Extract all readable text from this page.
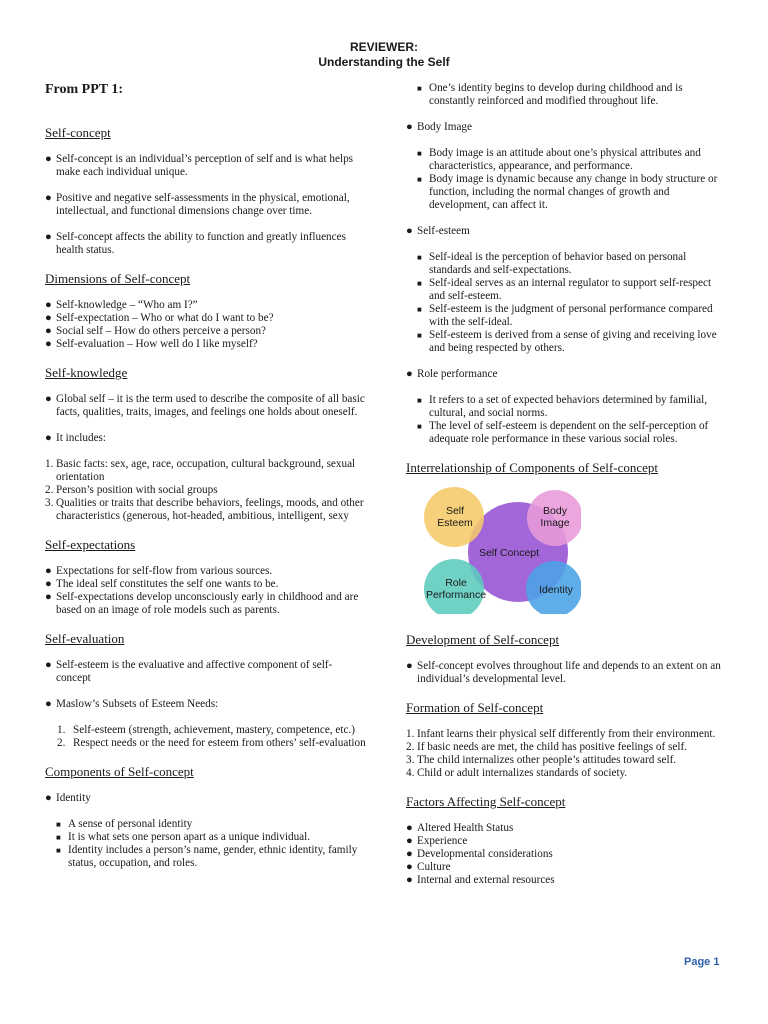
REVIEWER:
Understanding the Self
From PPT 1:
Self-concept
● Self-concept is an individual’s perception of self and is what helps make each individual unique.
● Positive and negative self-assessments in the physical, emotional, intellectual, and functional dimensions change over time.
● Self-concept affects the ability to function and greatly influences health status.
Dimensions of Self-concept
● Self-knowledge – “Who am I?”
● Self-expectation – Who or what do I want to be?
● Social self – How do others perceive a person?
● Self-evaluation – How well do I like myself?
Self-knowledge
● Global self – it is the term used to describe the composite of all basic facts, qualities, traits, images, and feelings one holds about oneself.
● It includes:
1. Basic facts: sex, age, race, occupation, cultural background, sexual orientation
2. Person’s position with social groups
3. Qualities or traits that describe behaviors, feelings, moods, and other characteristics (generous, hot-headed, ambitious, intelligent, sexy
Self-expectations
● Expectations for self-flow from various sources.
● The ideal self constitutes the self one wants to be.
● Self-expectations develop unconsciously early in childhood and are based on an image of role models such as parents.
Self-evaluation
● Self-esteem is the evaluative and affective component of self-concept
● Maslow’s Subsets of Esteem Needs:
1. Self-esteem (strength, achievement, mastery, competence, etc.)
2. Respect needs or the need for esteem from others’ self-evaluation
Components of Self-concept
● Identity
■ A sense of personal identity
■ It is what sets one person apart as a unique individual.
■ Identity includes a person’s name, gender, ethnic identity, family status, occupation, and roles.
■ One’s identity begins to develop during childhood and is constantly reinforced and modified throughout life.
● Body Image
■ Body image is an attitude about one’s physical attributes and characteristics, appearance, and performance.
■ Body image is dynamic because any change in body structure or function, including the normal changes of growth and development, can affect it.
● Self-esteem
■ Self-ideal is the perception of behavior based on personal standards and self-expectations.
■ Self-ideal serves as an internal regulator to support self-respect and self-esteem.
■ Self-esteem is the judgment of personal performance compared with the self-ideal.
■ Self-esteem is derived from a sense of giving and receiving love and being respected by others.
● Role performance
■ It refers to a set of expected behaviors determined by familial, cultural, and social norms.
■ The level of self-esteem is dependent on the self-perception of adequate role performance in these various social roles.
Interrelationship of Components of Self-concept
Self
Esteem
Body
Image
Self Concept
Role
Performance	Identity
Development of Self-concept
● Self-concept evolves throughout life and depends to an extent on an individual’s developmental level.
Formation of Self-concept
1. Infant learns their physical self differently from their environment.
2. If basic needs are met, the child has positive feelings of self.
3. The child internalizes other people’s attitudes toward self.
4. Child or adult internalizes standards of society.
Factors Affecting Self-concept
● Altered Health Status
● Experience
● Developmental considerations
● Culture
● Internal and external resources
Page 1
